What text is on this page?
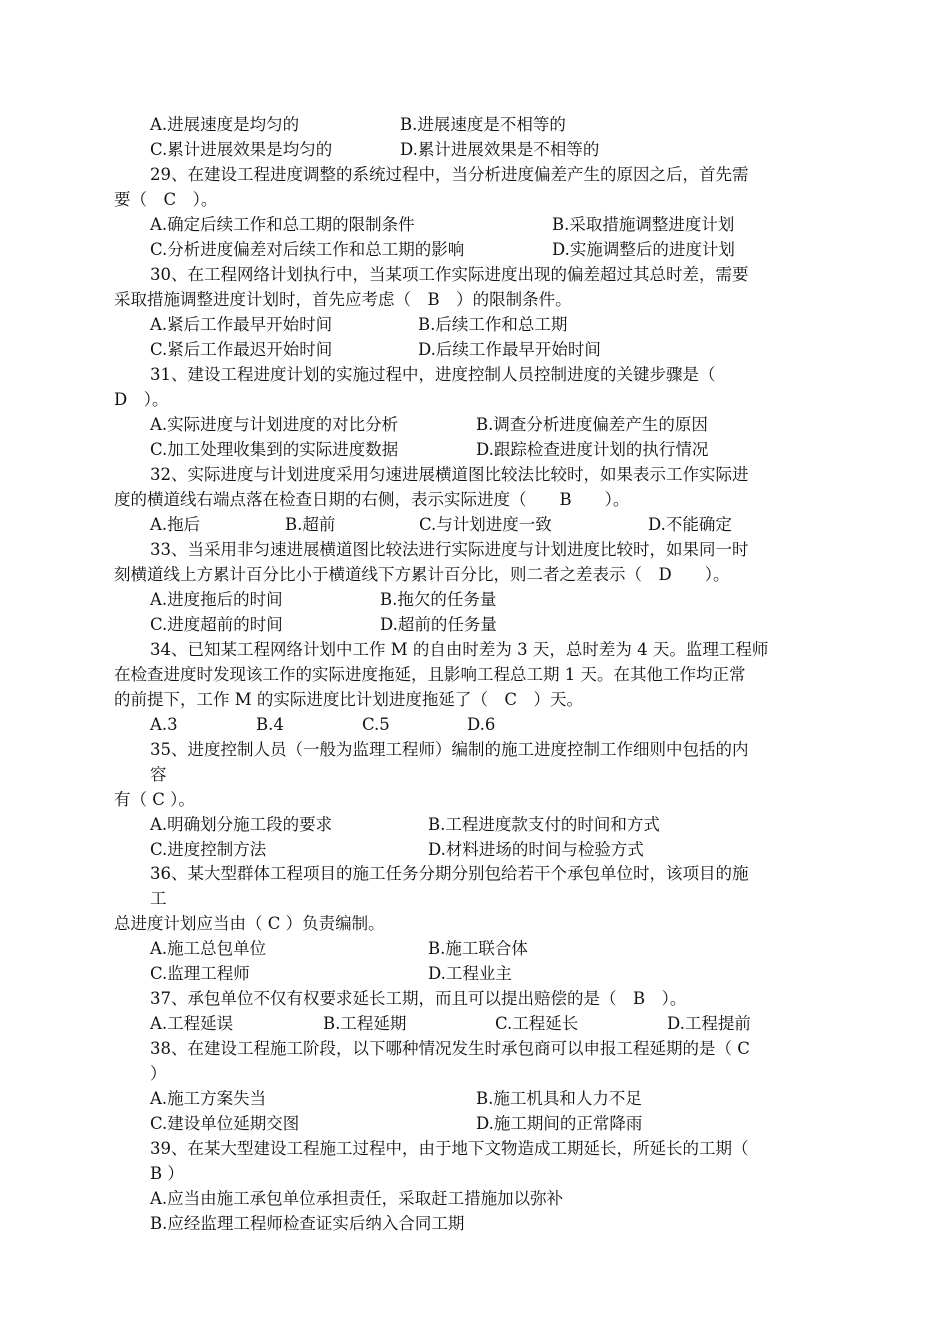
A.进展速度是均匀的	B.进展速度是不相等的
C.累计进展效果是均匀的	D.累计进展效果是不相等的
29、在建设工程进度调整的系统过程中，当分析进度偏差产生的原因之后，首先需
要（　C　）。
A.确定后续工作和总工期的限制条件	B.采取措施调整进度计划
C.分析进度偏差对后续工作和总工期的影响	D.实施调整后的进度计划
30、在工程网络计划执行中，当某项工作实际进度出现的偏差超过其总时差，需要
采取措施调整进度计划时，首先应考虑（　B　）的限制条件。
A.紧后工作最早开始时间	B.后续工作和总工期
C.紧后工作最迟开始时间	D.后续工作最早开始时间
31、建设工程进度计划的实施过程中，进度控制人员控制进度的关键步骤是（
D　）。
A.实际进度与计划进度的对比分析	B.调查分析进度偏差产生的原因
C.加工处理收集到的实际进度数据	D.跟踪检查进度计划的执行情况
32、实际进度与计划进度采用匀速进展横道图比较法比较时，如果表示工作实际进
度的横道线右端点落在检查日期的右侧，表示实际进度（　　B　　）。
A.拖后	B.超前	C.与计划进度一致	D.不能确定
33、当采用非匀速进展横道图比较法进行实际进度与计划进度比较时，如果同一时
刻横道线上方累计百分比小于横道线下方累计百分比，则二者之差表示（　D　　）。
A.进度拖后的时间	B.拖欠的任务量
C.进度超前的时间	D.超前的任务量
34、已知某工程网络计划中工作 M 的自由时差为 3 天，总时差为 4 天。监理工程师
在检查进度时发现该工作的实际进度拖延，且影响工程总工期 1 天。在其他工作均正常
的前提下，工作 M 的实际进度比计划进度拖延了（　C　）天。
A.3	B.4	C.5	D.6
35、进度控制人员（一般为监理工程师）编制的施工进度控制工作细则中包括的内
容
有（ C ）。
A.明确划分施工段的要求	B.工程进度款支付的时间和方式
C.进度控制方法	D.材料进场的时间与检验方式
36、某大型群体工程项目的施工任务分期分别包给若干个承包单位时，该项目的施
工
总进度计划应当由（ C ）负责编制。
A.施工总包单位	B.施工联合体
C.监理工程师	D.工程业主
37、承包单位不仅有权要求延长工期，而且可以提出赔偿的是（　B　）。
A.工程延误	B.工程延期	C.工程延长	D.工程提前
38、在建设工程施工阶段，以下哪种情况发生时承包商可以申报工程延期的是（ C
）
A.施工方案失当	B.施工机具和人力不足
C.建设单位延期交图	D.施工期间的正常降雨
39、在某大型建设工程施工过程中，由于地下文物造成工期延长，所延长的工期（
B ）
A.应当由施工承包单位承担责任，采取赶工措施加以弥补
B.应经监理工程师检查证实后纳入合同工期
